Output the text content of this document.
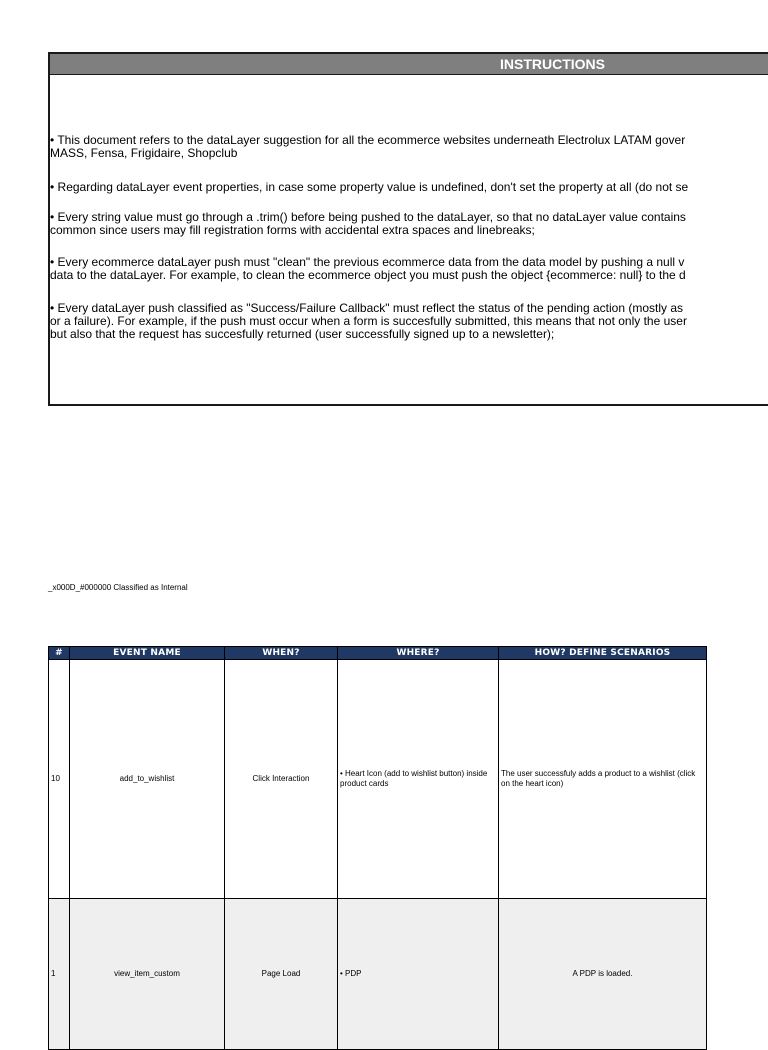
INSTRUCTIONS
• This document refers to the dataLayer suggestion for all the ecommerce websites underneath Electrolux LATAM gover
MASS, Fensa, Frigidaire, Shopclub
• Regarding dataLayer event properties, in case some property value is undefined, don't set the property at all (do not se
• Every string value must go through a .trim() before being pushed to the dataLayer, so that no dataLayer value contains
common since users may fill registration forms with accidental extra spaces and linebreaks;
• Every ecommerce dataLayer push must "clean" the previous ecommerce data from the data model by pushing a null v
data to the dataLayer. For example, to clean the ecommerce object you must push the object {ecommerce: null} to the d
• Every dataLayer push classified as "Success/Failure Callback" must reflect the status of the pending action (mostly as
or a failure). For example, if the push must occur when a form is succesfully submitted, this means that not only the user
but also that the request has succesfully returned (user successfully signed up to a newsletter);
_x000D_#000000 Classified as Internal
#	EVENT NAME	WHEN?	WHERE?	HOW? DEFINE SCENARIOS
10	add_to_wishlist	Click Interaction	• Heart Icon (add to wishlist button) inside product cards	The user successfuly adds a product to a wishlist (click on the heart icon)
1	view_item_custom	Page Load	• PDP	A PDP is loaded.
